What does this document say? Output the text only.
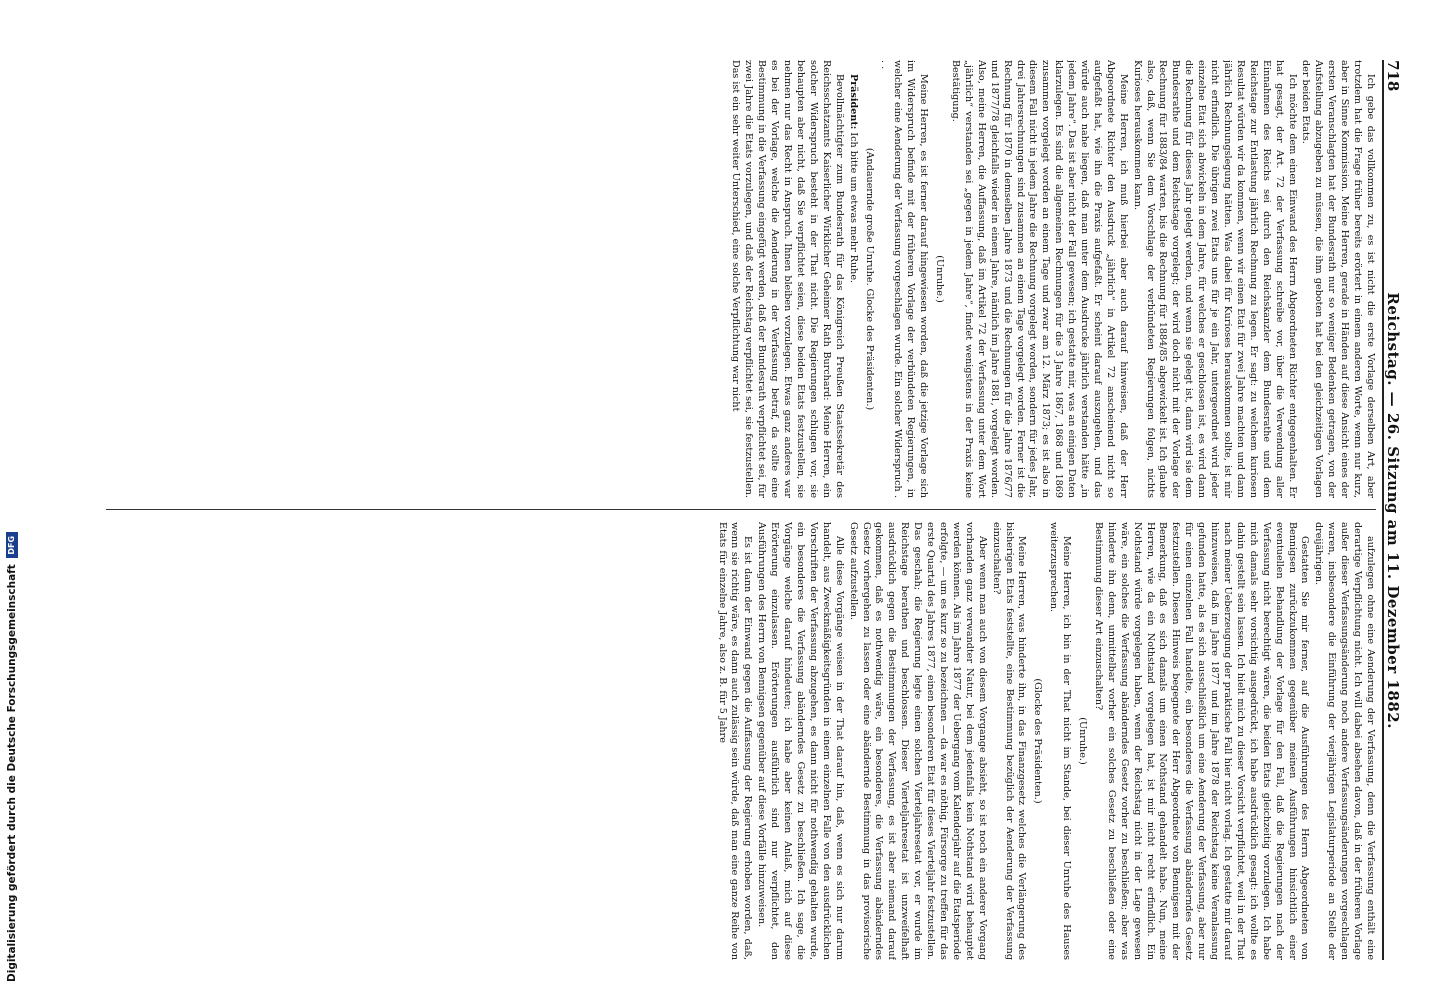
718
Reichstag. — 26. Sitzung am 11. Dezember 1882.

Ich gebe das vollkommen zu, es ist nicht die erste Vorlage derselben Art, aber trotzdem hat die Frage früher bereits erörtert in einem anderen Worte, wenn nur kurz, aber in Sinne Kommission. Meine Herren, gerade in Händen auf diese Ansicht eines der ersten Veranschlagten hat der Bundesrath nur so weniger Bedenken getragen, von der Aufstellung abzugeben zu müssen, die ihm geboten hat bei den gleichzeitigen Vorlagen der beiden Etats.

Ich möchte dem einen Einwand des Herrn Abgeordneten Richter entgegenhalten. Er hat gesagt, der Art. 72 der Verfassung schreibe vor, über die Verwendung aller Einnahmen des Reichs sei durch den Reichskanzler dem Bundesrathe und dem Reichstage zur Entlastung jährlich Rechnung zu legen. Er sagt: zu welchem kuriosen Resultat würden wir da kommen, wenn wir einen Etat für zwei Jahre machten und dann jährlich Rechnungslegung hätten. Was dabei für Kurioses herauskommen sollte, ist mir nicht erfindlich. Die übrigen zwei Etats uns für je ein Jahr, untergeordnet wird jeder einzelne Etat sich abwickeln in dem Jahre, für welches er geschlossen ist, es wird dann die Rechnung für dieses Jahr gelegt werden, und wenn sie gelegt ist, dann wird sie dem Bundesrathe und dem Reichstage vorgelegt; der wird doch nicht mit der Vorlage der Rechnung für 1883/84 warten, bis die Rechnung für 1884/85 abgewickelt ist. Ich glaube also, daß, wenn Sie dem Vorschlage der verbündeten Regierungen folgen, nichts Kurioses herauskommen kann.

Meine Herren, ich muß hierbei aber auch darauf hinweisen, daß der Herr Abgeordnete Richter den Ausdruck „jährlich“ in Artikel 72 anscheinend nicht so aufgefaßt hat, wie ihn die Praxis aufgefaßt. Er scheint darauf auszugehen, und das würde auch nahe liegen, daß man unter dem Ausdrucke jährlich verstanden hätte „in jedem Jahre“. Das ist aber nicht der Fall gewesen; ich gestatte mir, was an einigen Daten klarzulegen. Es sind die allgemeinen Rechnungen für die 3 Jahre 1867, 1868 und 1869 zusammen vorgelegt worden an einem Tage und zwar am 12. März 1873; es ist also in diesem Fall nicht in jedem Jahre die Rechnung vorgelegt worden, sondern für jedes Jahr, drei Jahresrechnungen sind zusammen an einem Tage vorgelegt worden. Ferner ist die Rechnung für 1870 in demselben Jahre 1873 und die Rechnungen für die Jahre 1876/77 und 1877/78 gleichfalls wieder in einem Jahre, nämlich im Jahre 1881, vorgelegt worden. Also, meine Herren, die Auffassung, daß im Artikel 72 der Verfassung unter dem Wort „jährlich“ verstanden sei „gegen in jedem Jahre“, findet wenigstens in der Praxis keine Bestätigung.

(Unruhe.)

Meine Herren, es ist ferner darauf hingewiesen worden, daß die jetzige Vorlage sich im Widerspruch befinde mit der früheren Vorlage der verbündeten Regierungen, in welcher eine Aenderung der Verfassung vorgeschlagen wurde. Ein solcher Widerspruch . . .

(Andauernde große Unruhe. Glocke des Präsidenten.)

Präsident: Ich bitte um etwas mehr Ruhe.

Bevollmächtigter zum Bundesrath für das Königreich Preußen Staatssekretär des Reichsschatzamts Kaiserlicher Wirklicher Geheimer Rath Burchard: Meine Herren, ein solcher Widerspruch besteht in der That nicht. Die Regierungen schlugen vor, sie behaupten aber nicht, daß Sie verpflichtet seien, diese beiden Etats festzustellen, sie nehmen nur das Recht in Anspruch. Ihnen bleiben vorzulegen. Etwas ganz anderes war es bei der Vorlage, welche die Aenderung in der Verfassung betraf, da sollte eine Bestimmung in die Verfassung eingefügt werden, daß der Bundesrath verpflichtet sei, für zwei Jahre die Etats vorzulegen, und daß der Reichstag verpflichtet sei, sie festzustellen. Das ist ein sehr weiter Unterschied, eine solche Verpflichtung war nicht

aufzulegen ohne eine Aenderung der Verfassung, denn die Verfassung enthält eine derartige Verpflichtung nicht. Ich will dabei absehen davon, daß in der früheren Vorlage außer dieser Verfassungsänderung noch andere Verfassungsänderungen vorgeschlagen waren, insbesondere die Einführung der vierjährigen Legislaturperiode an Stelle der dreijährigen.

Gestatten Sie mir ferner, auf die Ausführungen des Herrn Abgeordneten von Bennigsen zurückzukommen gegenüber meinen Ausführungen hinsichtlich einer eventuellen Behandlung der Vorlage für den Fall, daß die Regierungen nach der Verfassung nicht berechtigt wären, die beiden Etats gleichzeitig vorzulegen. Ich habe mich damals sehr vorsichtig ausgedrückt, ich habe ausdrücklich gesagt: ich wollte es dahin gestellt sein lassen. Ich hielt mich zu dieser Vorsicht verpflichtet, weil in der That nach meiner Ueberzeugung der praktische Fall hier nicht vorlag. Ich gestatte mir darauf hinzuweisen, daß im Jahre 1877 und im Jahre 1878 der Reichstag keine Veranlassung gefunden hatte, als es sich ausschließlich um eine Aenderung der Verfassung, aber nur für einen einzelnen Fall handelte, ein besonderes die Verfassung abänderndes Gesetz festzustellen. Diesen Hinweis begegnete der Herr Abgeordnete von Bennigsen mit der Bemerkung, daß es sich damals um einen Nothstand gehandelt habe. Nun, meine Herren, wie da ein Nothstand vorgelegen hat, ist mir nicht recht erfindlich. Ein Nothstand würde vorgelegen haben, wenn der Reichstag nicht in der Lage gewesen wäre, ein solches die Verfassung abänderndes Gesetz vorher zu beschließen; aber was hinderte ihn denn, unmittelbar vorher ein solches Gesetz zu beschließen oder eine Bestimmung dieser Art einzuschalten?

(Unruhe.)

Meine Herren, ich bin in der That nicht im Stande, bei dieser Unruhe des Hauses weiterzusprechen.

(Glocke des Präsidenten.)

Meine Herren, was hinderte ihn, in das Finanzgesetz welches die Verlängerung des bisherigen Etats feststellte, eine Bestimmung bezüglich der Aenderung der Verfassung einzuschalten?

Aber wenn man auch von diesem Vorgange absieht, so ist noch ein anderer Vorgang vorhanden ganz verwandter Natur, bei dem jedenfalls kein Nothstand wird behauptet werden können. Als im Jahre 1877 der Uebergang vom Kalenderjahr auf die Etatsperiode erfolgte, — um es kurz so zu bezeichnen — da war es nöthig, Fürsorge zu treffen für das erste Quartal des Jahres 1877, einen besonderen Etat für dieses Vierteljahr festzustellen. Das geschah; die Regierung legte einen solchen Vierteljahresetat vor, er wurde im Reichstage berathen und beschlossen. Dieser Vierteljahresetat ist unzweifelhaft ausdrücklich gegen die Bestimmungen der Verfassung, es ist aber niemand darauf gekommen, daß es nothwendig wäre, ein besonderes, die Verfassung abänderndes Gesetz vorhergehen zu lassen oder eine abändernde Bestimmung in das provisorische Gesetz aufzustellen.

Alle diese Vorgänge weisen in der That darauf hin, daß, wenn es sich nur darum handelt, aus Zweckmäßigkeitsgründen in einem einzelnen Falle von den ausdrücklichen Vorschriften der Verfassung abzugehen, es dann nicht für nothwendig gehalten wurde, ein besonderes die Verfassung abänderndes Gesetz zu beschließen. Ich sage, die Vorgänge welche darauf hindeuten; ich habe aber keinen Anlaß, mich auf diese Erörterung einzulassen. Erörterungen ausführlich sind nur verpflichtet, den Ausführungen des Herrn von Bennigsen gegenüber auf diese Vorfälle hinzuweisen.

Es ist dann der Einwand gegen die Auffassung der Regierung erhoben worden, daß, wenn sie richtig wäre, es dann auch zulässig sein würde, daß man eine ganze Reihe von Etats für einzelne Jahre, also z. B. für 5 Jahre

Digitalisierung gefördert durch die Deutsche Forschungsgemeinschaft
DFG
